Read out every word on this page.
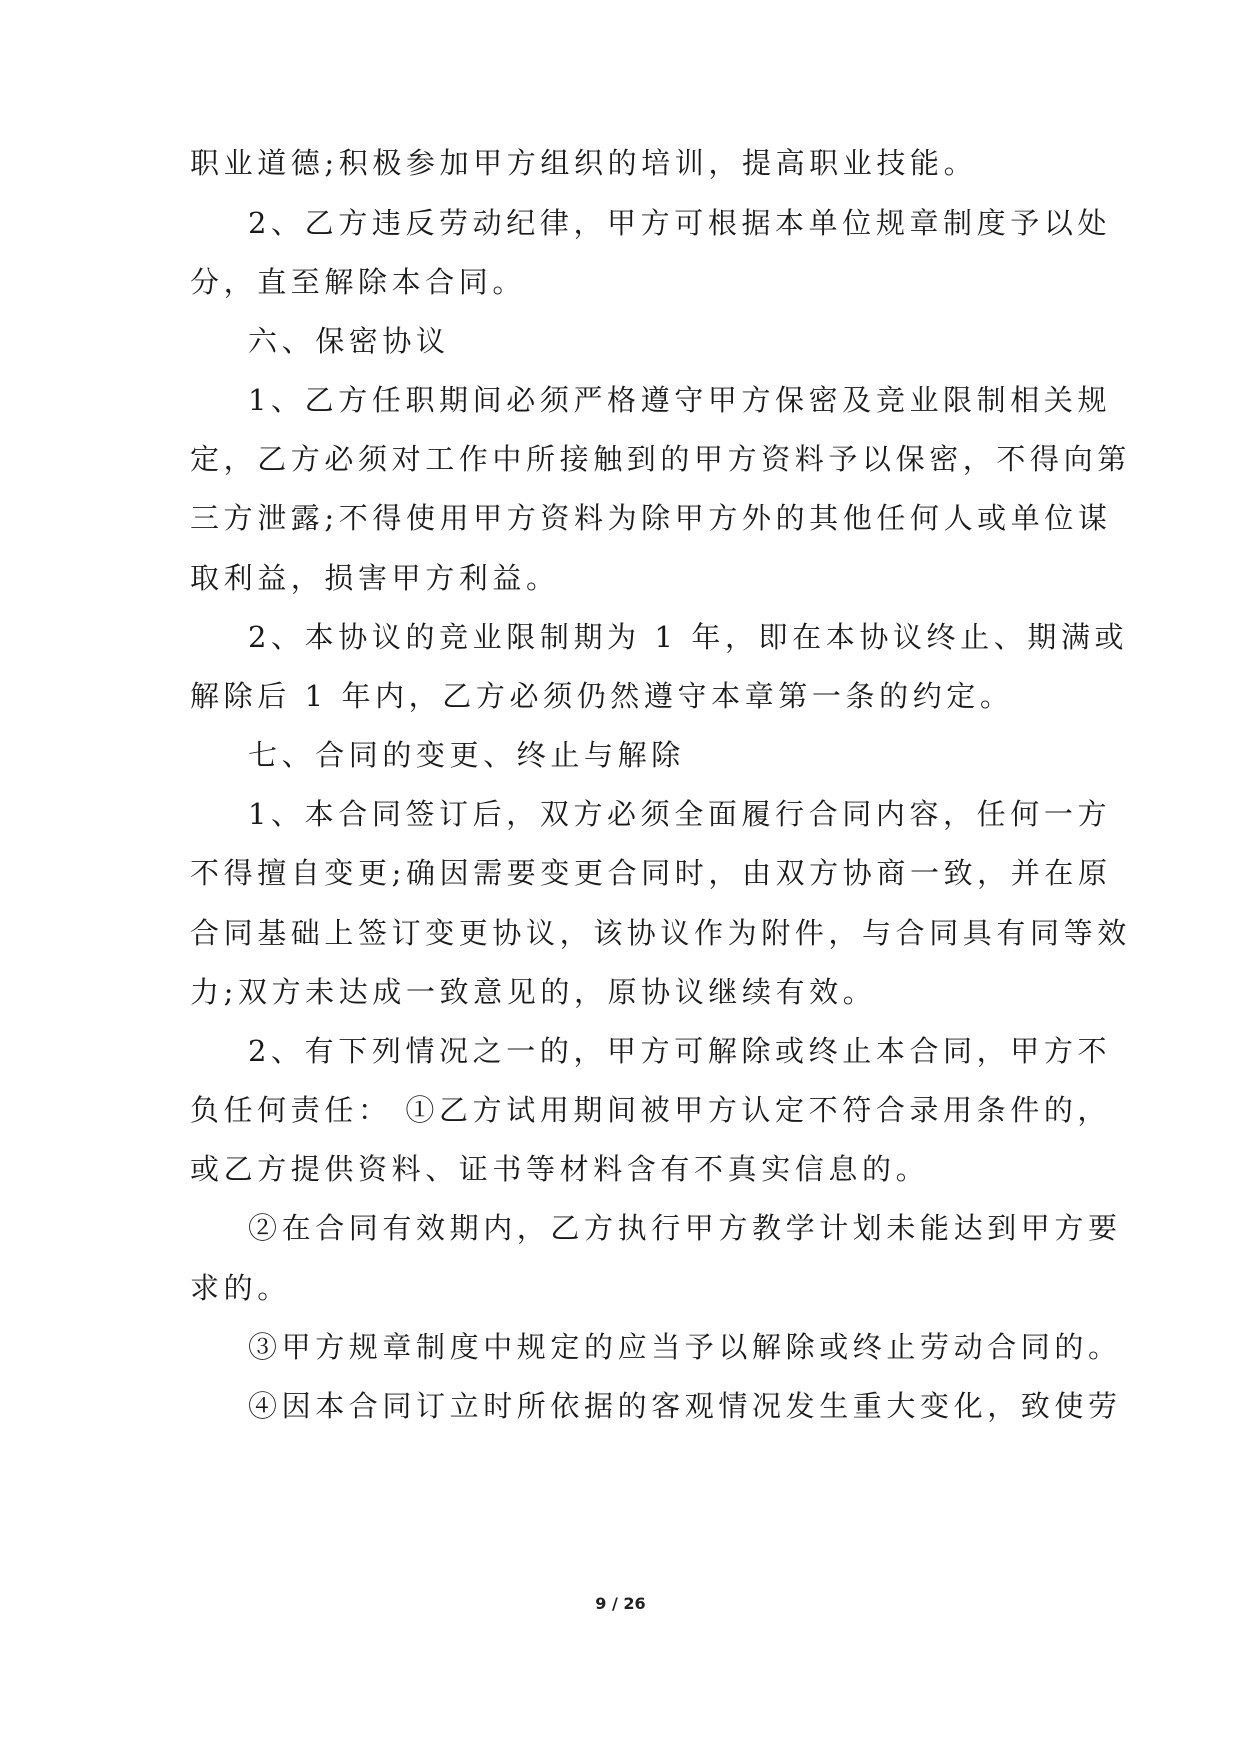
职业道德;积极参加甲方组织的培训，提高职业技能。
2、乙方违反劳动纪律，甲方可根据本单位规章制度予以处
分，直至解除本合同。
六、保密协议
1、乙方任职期间必须严格遵守甲方保密及竞业限制相关规
定，乙方必须对工作中所接触到的甲方资料予以保密，不得向第
三方泄露;不得使用甲方资料为除甲方外的其他任何人或单位谋
取利益，损害甲方利益。
2、本协议的竞业限制期为 1 年，即在本协议终止、期满或
解除后 1 年内，乙方必须仍然遵守本章第一条的约定。
七、合同的变更、终止与解除
1、本合同签订后，双方必须全面履行合同内容，任何一方
不得擅自变更;确因需要变更合同时，由双方协商一致，并在原
合同基础上签订变更协议，该协议作为附件，与合同具有同等效
力;双方未达成一致意见的，原协议继续有效。
2、有下列情况之一的，甲方可解除或终止本合同，甲方不
负任何责任： ①乙方试用期间被甲方认定不符合录用条件的，
或乙方提供资料、证书等材料含有不真实信息的。
②在合同有效期内，乙方执行甲方教学计划未能达到甲方要
求的。
③甲方规章制度中规定的应当予以解除或终止劳动合同的。
④因本合同订立时所依据的客观情况发生重大变化，致使劳
9 / 26
